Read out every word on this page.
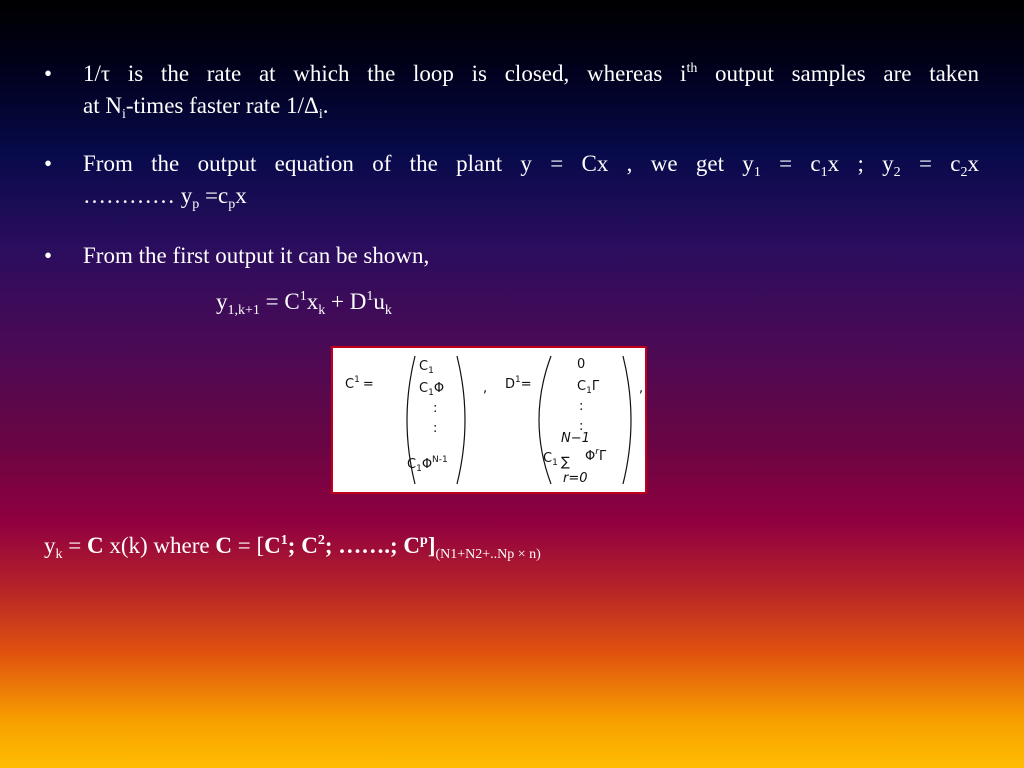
• 1/τ is the rate at which the loop is closed, whereas $i^{th}$ output samples are taken
at $N_i$-times faster rate $1/\Delta_i$.
• From the output equation of the plant y = Cx , we get $y_1 = c_1x$ ; $y_2 = c_2x$
………… $y_p =c_px$
• From the first output it can be shown,
$y_{1,k+1} = C^1x_k + D^1u_k$
$C^1$ =
$C_1$
$C_1\Phi$
:
:
$C_1\Phi^{N-1}$
, $D^1=$
0
$C_1\Gamma$
:
:
N−1
$C_1$ ∑ $\Phi^r\Gamma$
r=0
,
$y_k = C$ x(k) where $C = [C^1$; $C^2$; …….; $C^p]_{(N1+N2+..Np \times n)}$
